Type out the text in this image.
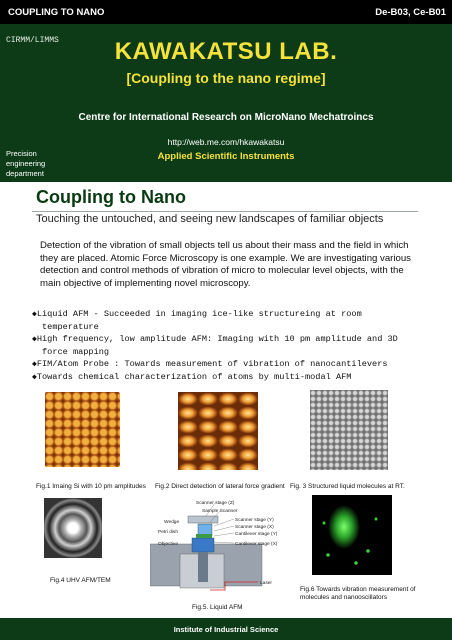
COUPLING TO NANO	De-B03, Ce-B01
CIRMM/LIMMS	KAWAKATSU LAB.
[Coupling to the nano regime]
Centre for International Research on MicroNano Mechatroincs
http://web.me.com/hkawakatsu
Precision
engineering
department
Applied Scientific Instruments
Coupling to Nano
Touching the untouched, and seeing new landscapes of familiar objects
Detection of the vibration of small objects tell us about their mass and the field in which they are placed. Atomic Force Microscopy is one example. We are investigating various detection and control methods of vibration of micro to molecular level objects, with the main objective of implementing novel microscopy.
◆ Liquid AFM - Succeeded in imaging ice-like structureing at room temperature
◆ High frequency, low amplitude AFM: Imaging with 10 pm amplitude and 3D force mapping
◆ FIM/Atom Probe : Towards measurement of vibration of nanocantilevers
◆ Towards chemical characterization of atoms by multi-modal AFM
Fig.1 Imaing Si with 10 pm amplitudes	Fig.2 Direct detection of lateral force gradient Fig. 3 Structured liquid molecules at RT.
Fig.4 UHV AFM/TEM
Scanner stage (Z)
Sample Scanner
Scanner stage (Y)
Scanner stage (X)
Cantilever stage (Y)
Cantilever stage (X)
Wedge
Petri dish
Objective
Laser
Fig.5. Liquid AFM
Fig.6 Towards vibration measurement of molecules and nanooscillators
Institute of Industrial Science
